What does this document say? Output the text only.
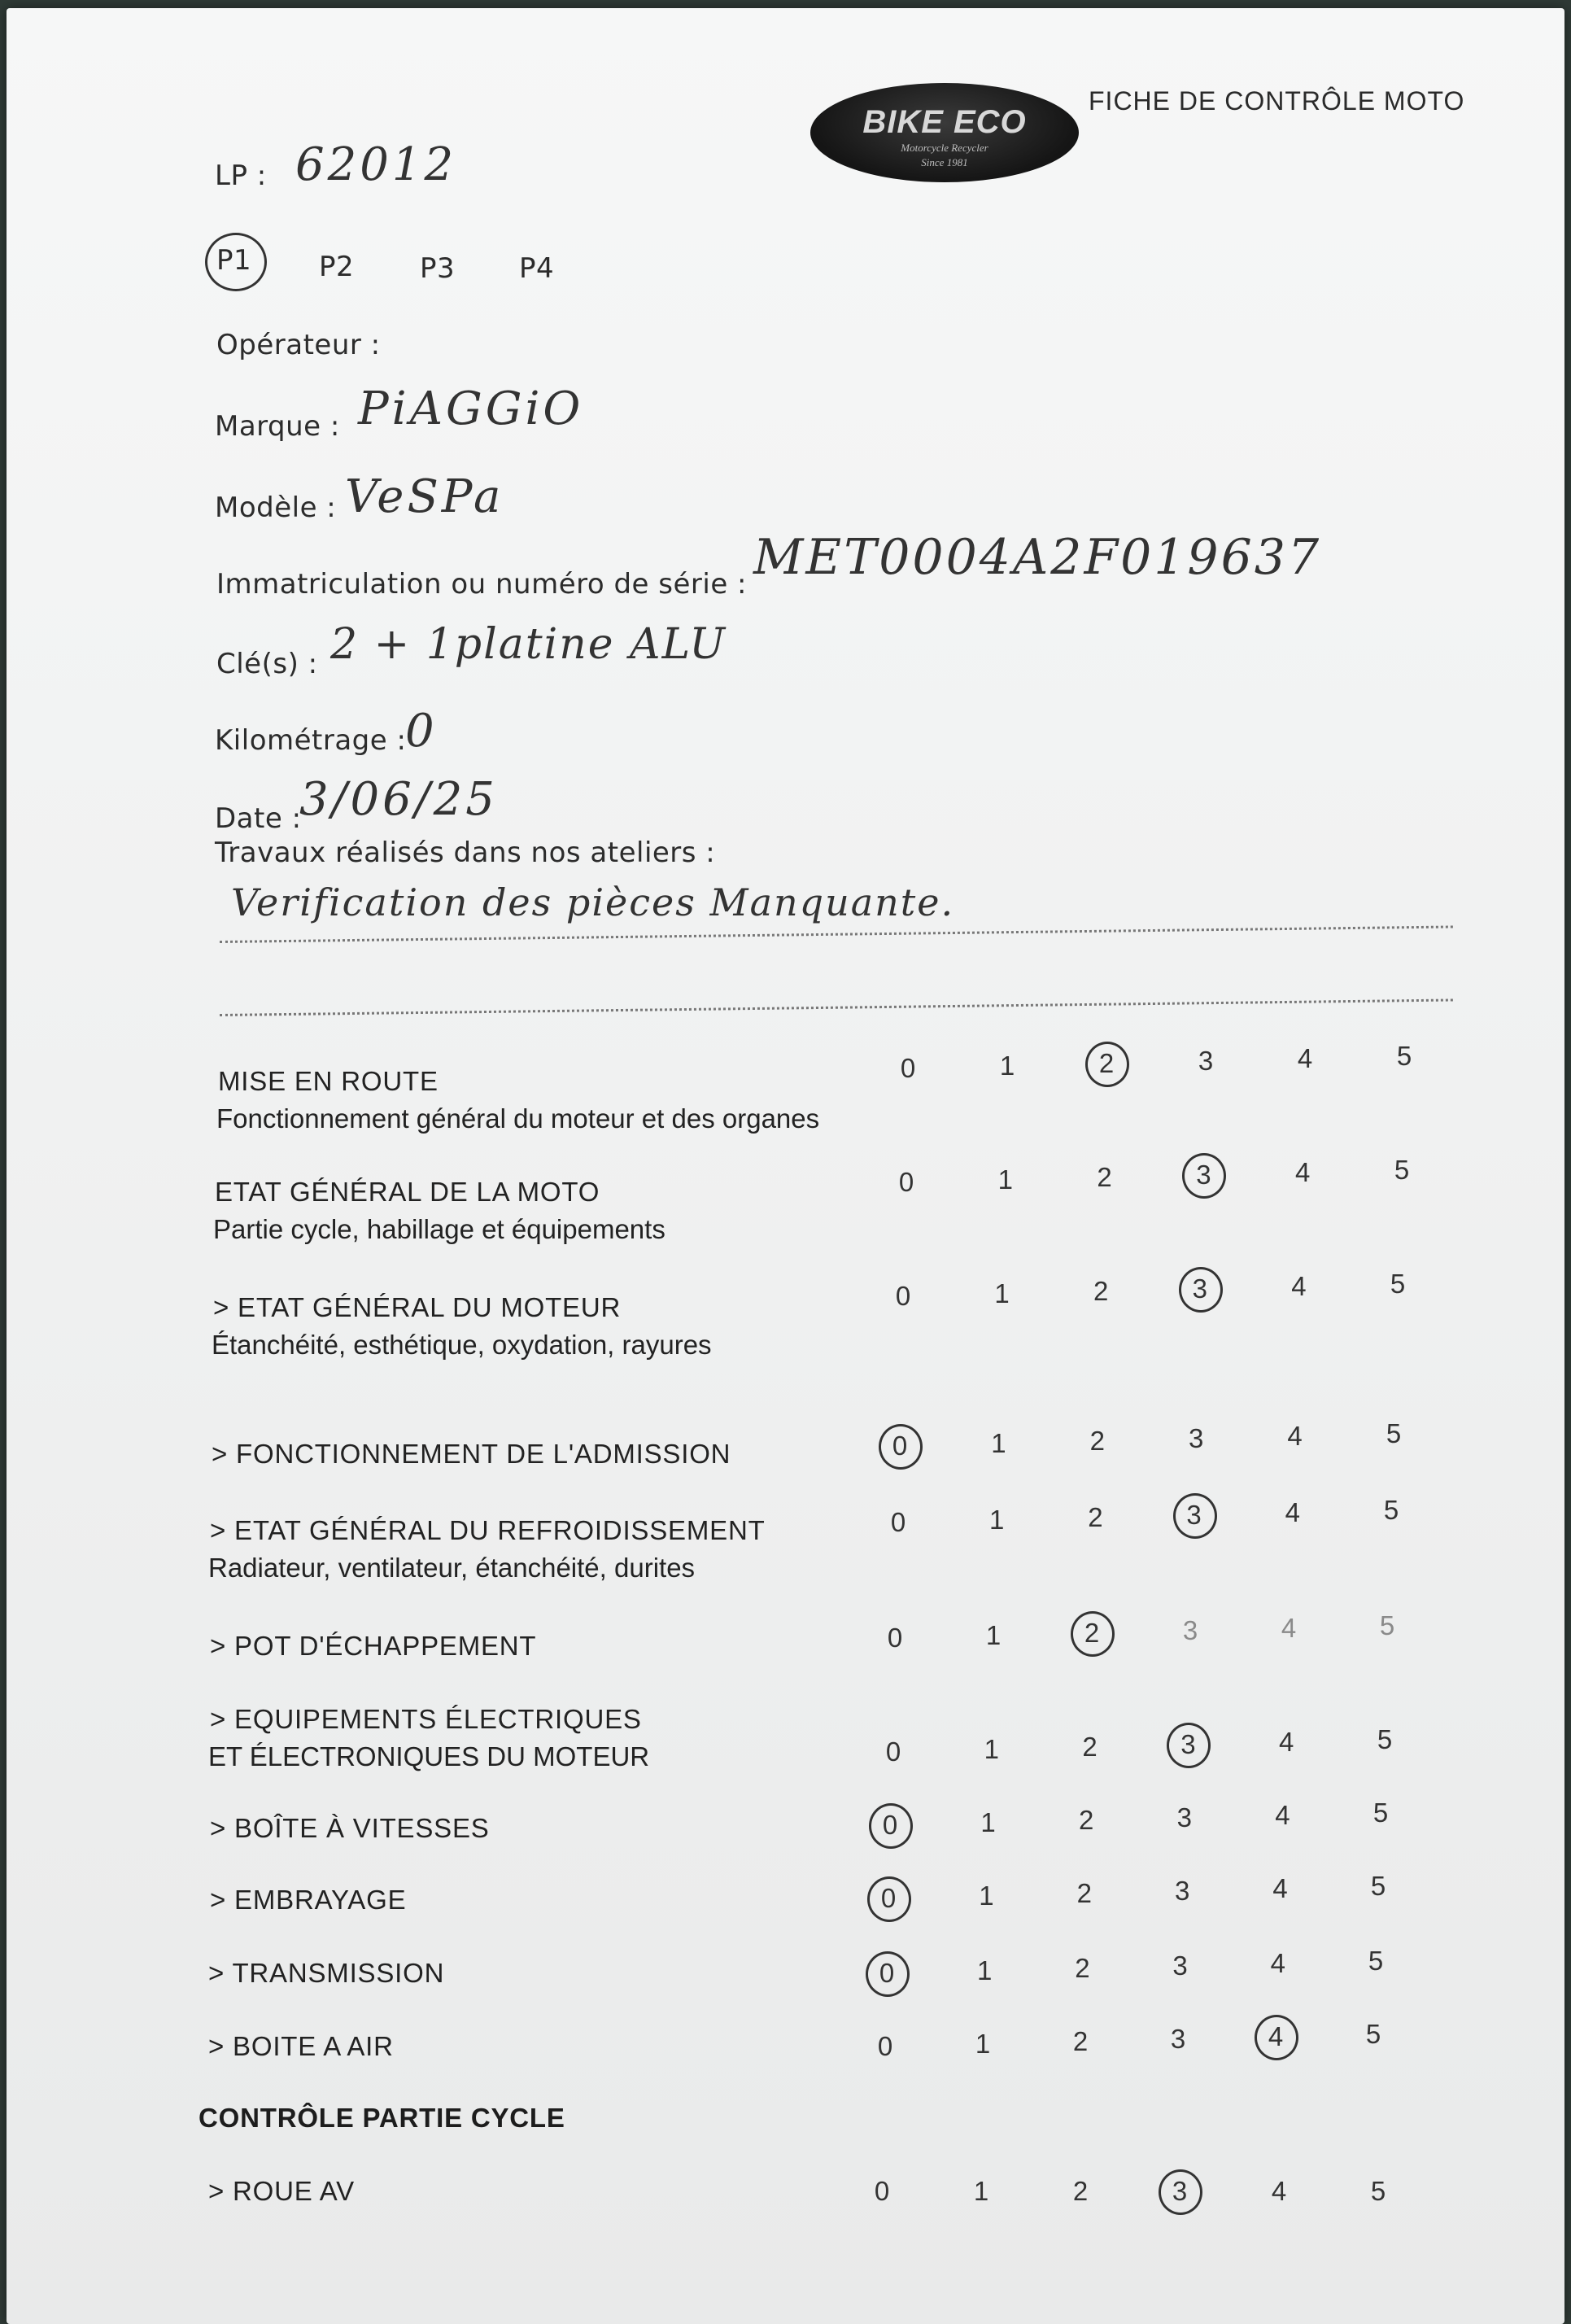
BIKE ECO
Motorcycle Recycler
Since 1981
FICHE DE CONTRÔLE MOTO
LP : 62012
P1 P2 P3 P4
Opérateur :
Marque : PiAGGiO
Modèle : VeSPa
Immatriculation ou numéro de série : MET0004A2F019637
Clé(s) : 2 + 1platine ALU
Kilométrage :
0
Date :
3/06/25
Travaux réalisés dans nos ateliers :
Verification des pièces Manquante.
MISE EN ROUTE
Fonctionnement général du moteur et des organes
0	1	2	3	4	5
ETAT GÉNÉRAL DE LA MOTO
Partie cycle, habillage et équipements
0	1	2	3	4	5
> ETAT GÉNÉRAL DU MOTEUR
Étanchéité, esthétique, oxydation, rayures
0	1	2	3	4	5
> FONCTIONNEMENT DE L'ADMISSION	0	1	2	3	4	5
> ETAT GÉNÉRAL DU REFROIDISSEMENT
Radiateur, ventilateur, étanchéité, durites
0	1	2	3	4	5
> POT D'ÉCHAPPEMENT	0	1	2	3	4	5
> EQUIPEMENTS ÉLECTRIQUES
ET ÉLECTRONIQUES DU MOTEUR	0	1	2	3	4	5
> BOÎTE À VITESSES	0	1	2	3	4	5
> EMBRAYAGE	0	1	2	3	4	5
> TRANSMISSION	0	1	2	3	4	5
> BOITE A AIR	0	1	2	3	4	5
> ROUE AV	0	1	2	3	4	5
CONTRÔLE PARTIE CYCLE
